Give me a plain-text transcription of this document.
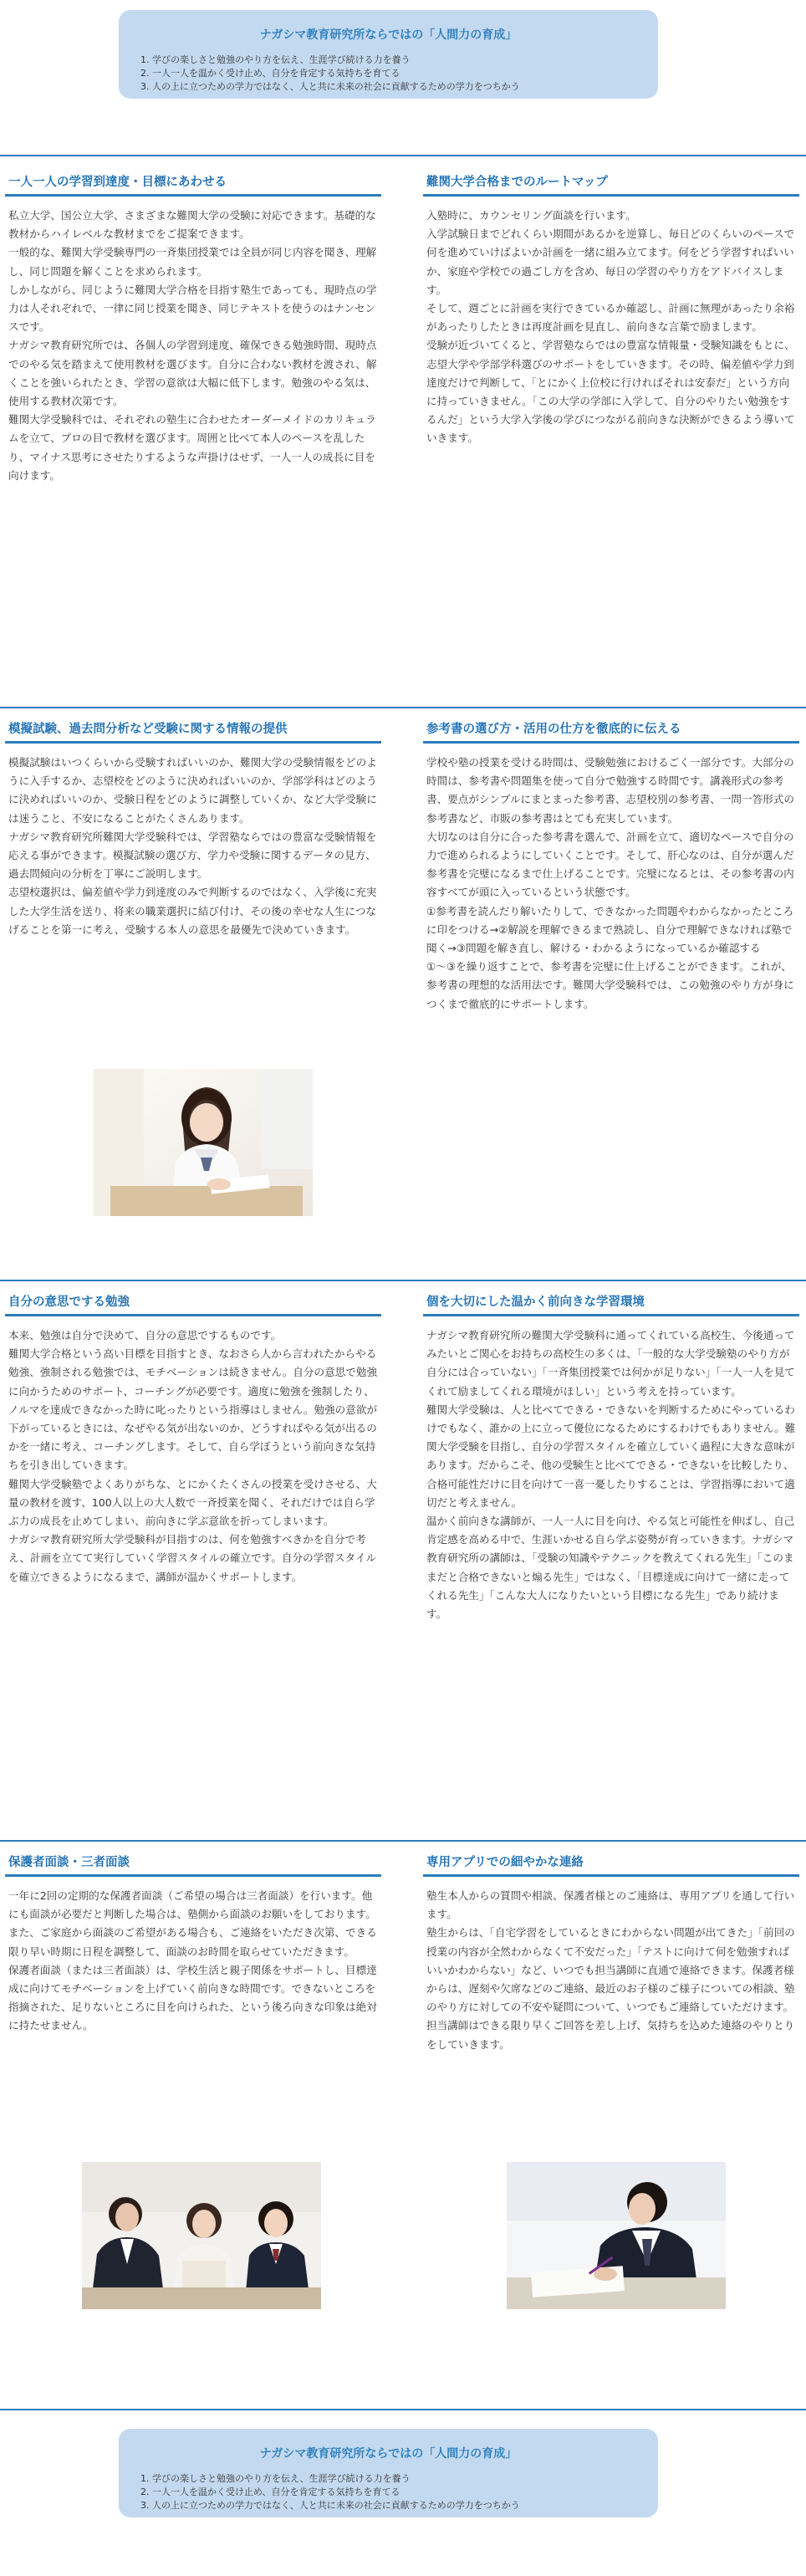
ナガシマ教育研究所ならではの「人間力の育成」
1. 学びの楽しさと勉強のやり方を伝え、生涯学び続ける力を養う
2. 一人一人を温かく受け止め、自分を肯定する気持ちを育てる
3. 人の上に立つための学力ではなく、人と共に未来の社会に貢献するための学力をつちかう
一人一人の学習到達度・目標にあわせる

私立大学、国公立大学、さまざまな難関大学の受験に対応できます。基礎的な教材からハイレベルな教材までをご提案できます。

一般的な、難関大学受験専門の一斉集団授業では全員が同じ内容を聞き、理解し、同じ問題を解くことを求められます。

しかしながら、同じように難関大学合格を目指す塾生であっても、現時点の学力は人それぞれで、一律に同じ授業を聞き、同じテキストを使うのはナンセンスです。

ナガシマ教育研究所では、各個人の学習到達度、確保できる勉強時間、現時点でのやる気を踏まえて使用教材を選びます。自分に合わない教材を渡され、解くことを強いられたとき、学習の意欲は大幅に低下します。勉強のやる気は、使用する教材次第です。

難関大学受験科では、それぞれの塾生に合わせたオーダーメイドのカリキュラムを立て、プロの目で教材を選びます。周囲と比べて本人のペースを乱したり、マイナス思考にさせたりするような声掛けはせず、一人一人の成長に目を向けます。

難関大学合格までのルートマップ

入塾時に、カウンセリング面談を行います。

入学試験日までどれくらい期間があるかを逆算し、毎日どのくらいのペースで何を進めていけばよいか計画を一緒に組み立てます。何をどう学習すればいいか、家庭や学校での過ごし方を含め、毎日の学習のやり方をアドバイスします。

そして、週ごとに計画を実行できているか確認し、計画に無理があったり余裕があったりしたときは再度計画を見直し、前向きな言葉で励まします。

受験が近づいてくると、学習塾ならではの豊富な情報量・受験知識をもとに、志望大学や学部学科選びのサポートをしていきます。その時、偏差値や学力到達度だけで判断して、「とにかく上位校に行ければそれは安泰だ」という方向に持っていきません。「この大学の学部に入学して、自分のやりたい勉強をするんだ」という大学入学後の学びにつながる前向きな決断ができるよう導いていきます。

模擬試験、過去問分析など受験に関する情報の提供

模擬試験はいつくらいから受験すればいいのか、難関大学の受験情報をどのように入手するか、志望校をどのように決めればいいのか、学部学科はどのように決めればいいのか、受験日程をどのように調整していくか、など大学受験には迷うこと、不安になることがたくさんあります。

ナガシマ教育研究所難関大学受験科では、学習塾ならではの豊富な受験情報を応える事ができます。模擬試験の選び方、学力や受験に関するデータの見方、過去問傾向の分析を丁寧にご説明します。

志望校選択は、偏差値や学力到達度のみで判断するのではなく、入学後に充実した大学生活を送り、将来の職業選択に結び付け、その後の幸せな人生につなげることを第一に考え、受験する本人の意思を最優先で決めていきます。

参考書の選び方・活用の仕方を徹底的に伝える

学校や塾の授業を受ける時間は、受験勉強におけるごく一部分です。大部分の時間は、参考書や問題集を使って自分で勉強する時間です。講義形式の参考書、要点がシンプルにまとまった参考書、志望校別の参考書、一問一答形式の参考書など、市販の参考書はとても充実しています。

大切なのは自分に合った参考書を選んで、計画を立て、適切なペースで自分の力で進められるようにしていくことです。そして、肝心なのは、自分が選んだ参考書を完璧になるまで仕上げることです。完璧になるとは、その参考書の内容すべてが頭に入っているという状態です。

①参考書を読んだり解いたりして、できなかった問題やわからなかったところに印をつける→②解説を理解できるまで熟読し、自分で理解できなければ塾で聞く→③問題を解き直し、解ける・わかるようになっているか確認する

①～③を繰り返すことで、参考書を完璧に仕上げることができます。これが、参考書の理想的な活用法です。難関大学受験科では、この勉強のやり方が身につくまで徹底的にサポートします。

自分の意思でする勉強

本来、勉強は自分で決めて、自分の意思でするものです。

難関大学合格という高い目標を目指すとき、なおさら人から言われたからやる勉強、強制される勉強では、モチベーションは続きません。自分の意思で勉強に向かうためのサポート、コーチングが必要です。適度に勉強を強制したり、ノルマを達成できなかった時に叱ったりという指導はしません。勉強の意欲が下がっているときには、なぜやる気が出ないのか、どうすればやる気が出るのかを一緒に考え、コーチングします。そして、自ら学ぼうという前向きな気持ちを引き出していきます。

難関大学受験塾でよくありがちな、とにかくたくさんの授業を受けさせる、大量の教材を渡す、100人以上の大人数で一斉授業を聞く、それだけでは自ら学ぶ力の成長を止めてしまい、前向きに学ぶ意欲を折ってしまいます。

ナガシマ教育研究所大学受験科が目指すのは、何を勉強すべきかを自分で考え、計画を立てて実行していく学習スタイルの確立です。自分の学習スタイルを確立できるようになるまで、講師が温かくサポートします。

個を大切にした温かく前向きな学習環境

ナガシマ教育研究所の難関大学受験科に通ってくれている高校生、今後通ってみたいとご関心をお持ちの高校生の多くは、「一般的な大学受験塾のやり方が自分には合っていない」「一斉集団授業では何かが足りない」「一人一人を見てくれて励ましてくれる環境がほしい」という考えを持っています。

難関大学受験は、人と比べてできる・できないを判断するためにやっているわけでもなく、誰かの上に立って優位になるためにするわけでもありません。難関大学受験を目指し、自分の学習スタイルを確立していく過程に大きな意味があります。だからこそ、他の受験生と比べてできる・できないを比較したり、合格可能性だけに目を向けて一喜一憂したりすることは、学習指導において適切だと考えません。

温かく前向きな講師が、一人一人に目を向け、やる気と可能性を伸ばし、自己肯定感を高める中で、生涯いかせる自ら学ぶ姿勢が育っていきます。ナガシマ教育研究所の講師は、「受験の知識やテクニックを教えてくれる先生」「このままだと合格できないと煽る先生」ではなく、「目標達成に向けて一緒に走ってくれる先生」「こんな大人になりたいという目標になる先生」であり続けます。

保護者面談・三者面談

一年に2回の定期的な保護者面談（ご希望の場合は三者面談）を行います。他にも面談が必要だと判断した場合は、塾側から面談のお願いをしております。また、ご家庭から面談のご希望がある場合も、ご連絡をいただき次第、できる限り早い時期に日程を調整して、面談のお時間を取らせていただきます。

保護者面談（または三者面談）は、学校生活と親子関係をサポートし、目標達成に向けてモチベーションを上げていく前向きな時間です。できないところを指摘された、足りないところに目を向けられた、という後ろ向きな印象は絶対に持たせません。

専用アプリでの細やかな連絡

塾生本人からの質問や相談、保護者様とのご連絡は、専用アプリを通して行います。

塾生からは、「自宅学習をしているときにわからない問題が出てきた」「前回の授業の内容が全然わからなくて不安だった」「テストに向けて何を勉強すればいいかわからない」など、いつでも担当講師に直通で連絡できます。保護者様からは、遅刻や欠席などのご連絡、最近のお子様のご様子についての相談、塾のやり方に対しての不安や疑問について、いつでもご連絡していただけます。担当講師はできる限り早くご回答を差し上げ、気持ちを込めた連絡のやりとりをしていきます。

ナガシマ教育研究所ならではの「人間力の育成」
1. 学びの楽しさと勉強のやり方を伝え、生涯学び続ける力を養う
2. 一人一人を温かく受け止め、自分を肯定する気持ちを育てる
3. 人の上に立つための学力ではなく、人と共に未来の社会に貢献するための学力をつちかう
